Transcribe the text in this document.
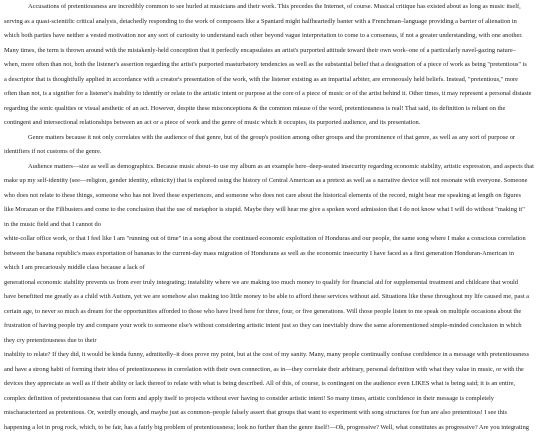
Accusations of pretentiousness are incredibly common to see hurled at musicians and their work. This precedes the Internet, of course. Musical critique has existed about as long as music itself,
serving as a quasi-scientific critical analysis, detachedly responding to the work of composers like a Spaniard might halfheartedly banter with a Frenchman–language providing a barrier of alienation in
which both parties have neither a vested motivation nor any sort of curiosity to understand each other beyond vague interpretation to come to a consensus, if not a greater understanding, with one another.
Many times, the term is thrown around with the mistakenly-held conception that it perfectly encapsulates an artist's purported attitude toward their own work–one of a particularly navel-gazing nature–
when, more often than not, both the listener's assertion regarding the artist's purported masturbatory tendencies as well as the substantial belief that a designation of a piece of work as being "pretentious" is
a descriptor that is thoughtfully applied in accordance with a creator's presentation of the work, with the listener existing as an impartial arbiter, are erroneously held beliefs. Instead, "pretentious," more
often than not, is a signifier for a listener's inability to identify or relate to the artistic intent or purpose at the core of a piece of music or of the artist behind it. Other times, it may represent a personal distaste
regarding the sonic qualities or visual aesthetic of an act. However, despite these misconceptions & the common misuse of the word, pretentiousness is real! That said, its definition is reliant on the
contingent and intersectional relationships between an act or a piece of work and the genre of music which it occupies, its purported audience, and its presentation.
Genre matters because it not only correlates with the audience of that genre, but of the group's position among other groups and the prominence of that genre, as well as any sort of purpose or
identifiers if not customs of the genre.
Audience matters—size as well as demographics. Because music about–to use my album as an example here–deep-seated insecurity regarding economic stability, artistic expression, and aspects that
make up my self-identity (see—religion, gender identity, ethnicity) that is explored using the history of Central American as a pretext as well as a narrative device will not resonate with everyone. Someone
who does not relate to these things, someone who has not lived these experiences, and someone who does not care about the historical elements of the record, might hear me speaking at length on figures
like Morazan or the Filibusters and come to the conclusion that the use of metaphor is stupid. Maybe they will hear me give a spoken word admission that I do not know what I will do without "making it"
in the music field and that I cannot do
white-collar office work, or that I feel like I am "running out of time" in a song about the continued economic exploitation of Honduras and our people, the same song where I make a conscious correlation
between the banana republic's mass exportation of bananas to the current-day mass migration of Hondurans as well as the economic insecurity I have faced as a first generation Honduran-American in
which I am precariously middle class because a lack of
generational economic stability prevents us from ever truly integrating; instability where we are making too much money to qualify for financial aid for supplemental treatment and childcare that would
have benefitted me greatly as a child with Autism, yet we are somehow also making too little money to be able to afford these services without aid. Situations like these throughout my life caused me, past a
certain age, to never so much as dream for the opportunities afforded to those who have lived here for three, four, or five generations. Will those people listen to me speak on multiple occasions about the
frustration of having people try and compare your work to someone else's without considering artistic intent just so they can inevitably draw the same aforementioned simple-minded conclusion in which
they cry pretentiousness due to their
inability to relate? If they did, it would be kinda funny, admittedly–it does prove my point, but at the cost of my sanity. Many, many people continually confuse confidence in a message with pretentiousness
and have a strong habit of forming their idea of pretentiousness in correlation with their own connection, as in—they correlate their arbitrary, personal definition with what they value in music, or with the
devices they appreciate as well as if their ability or lack thereof to relate with what is being described. All of this, of course, is contingent on the audience even LIKES what is being said; it is an entire,
complex definition of pretentiousness that can form and apply itself to projects without ever having to consider artistic intent! So many times, artistic confidence in their message is completely
mischaracterized as pretentious. Or, weirdly enough, and maybe just as common–people falsely assert that groups that want to experiment with song structures for fun are also pretentious! I see this
happening a lot in prog rock, which, to be fair, has a fairly big problem of pretentiousness; look no further than the genre itself!—Oh, progressive? Well, what constitutes as progressive? Are you integrating
